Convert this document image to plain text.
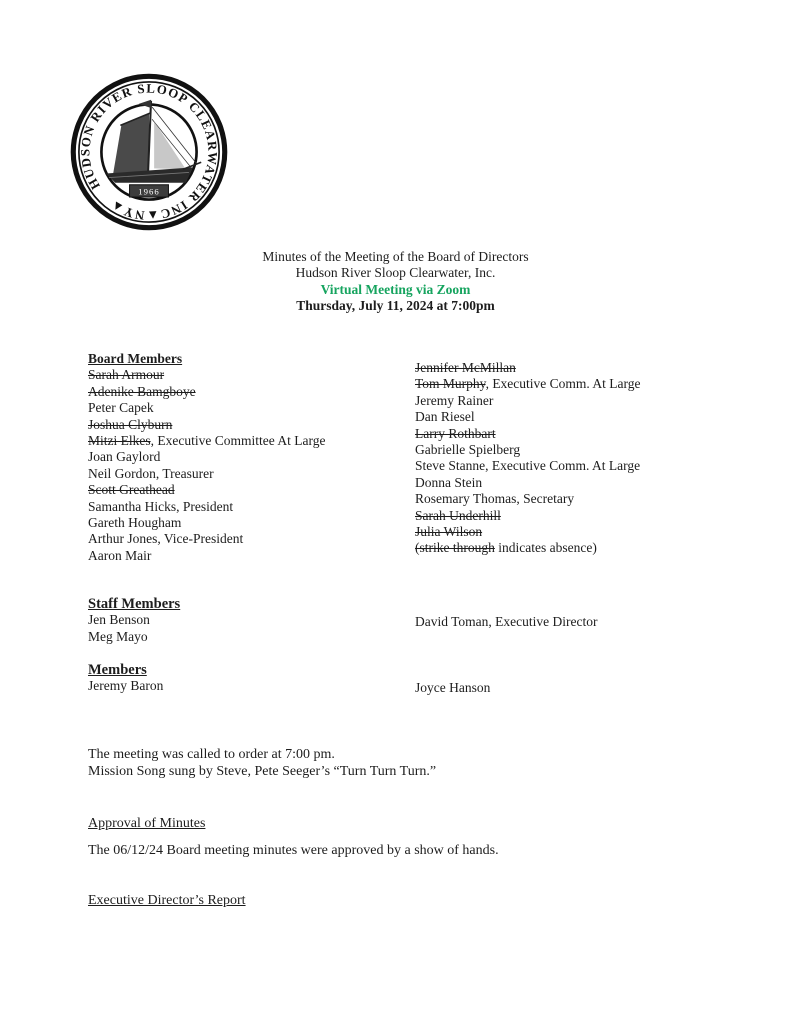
HUDSON RIVER SLOOP CLEARWATER INC▲NY▲
1966
Minutes of the Meeting of the Board of Directors
Hudson River Sloop Clearwater, Inc.
Virtual Meeting via Zoom
Thursday, July 11, 2024 at 7:00pm
Board Members
Sarah Armour
Adenike Bamgboye
Peter Capek
Joshua Clyburn
Mitzi Elkes, Executive Committee At Large
Joan Gaylord
Neil Gordon, Treasurer
Scott Greathead
Samantha Hicks, President
Gareth Hougham
Arthur Jones, Vice-President
Aaron Mair
Jennifer McMillan
Tom Murphy, Executive Comm. At Large
Jeremy Rainer
Dan Riesel
Larry Rothbart
Gabrielle Spielberg
Steve Stanne, Executive Comm. At Large
Donna Stein
Rosemary Thomas, Secretary
Sarah Underhill
Julia Wilson
(strike through indicates absence)
Staff Members
Jen Benson
Meg Mayo
David Toman, Executive Director
Members
Jeremy Baron	Joyce Hanson
The meeting was called to order at 7:00 pm.
Mission Song sung by Steve, Pete Seeger’s “Turn Turn Turn.”
Approval of Minutes
The 06/12/24 Board meeting minutes were approved by a show of hands.
Executive Director’s Report
